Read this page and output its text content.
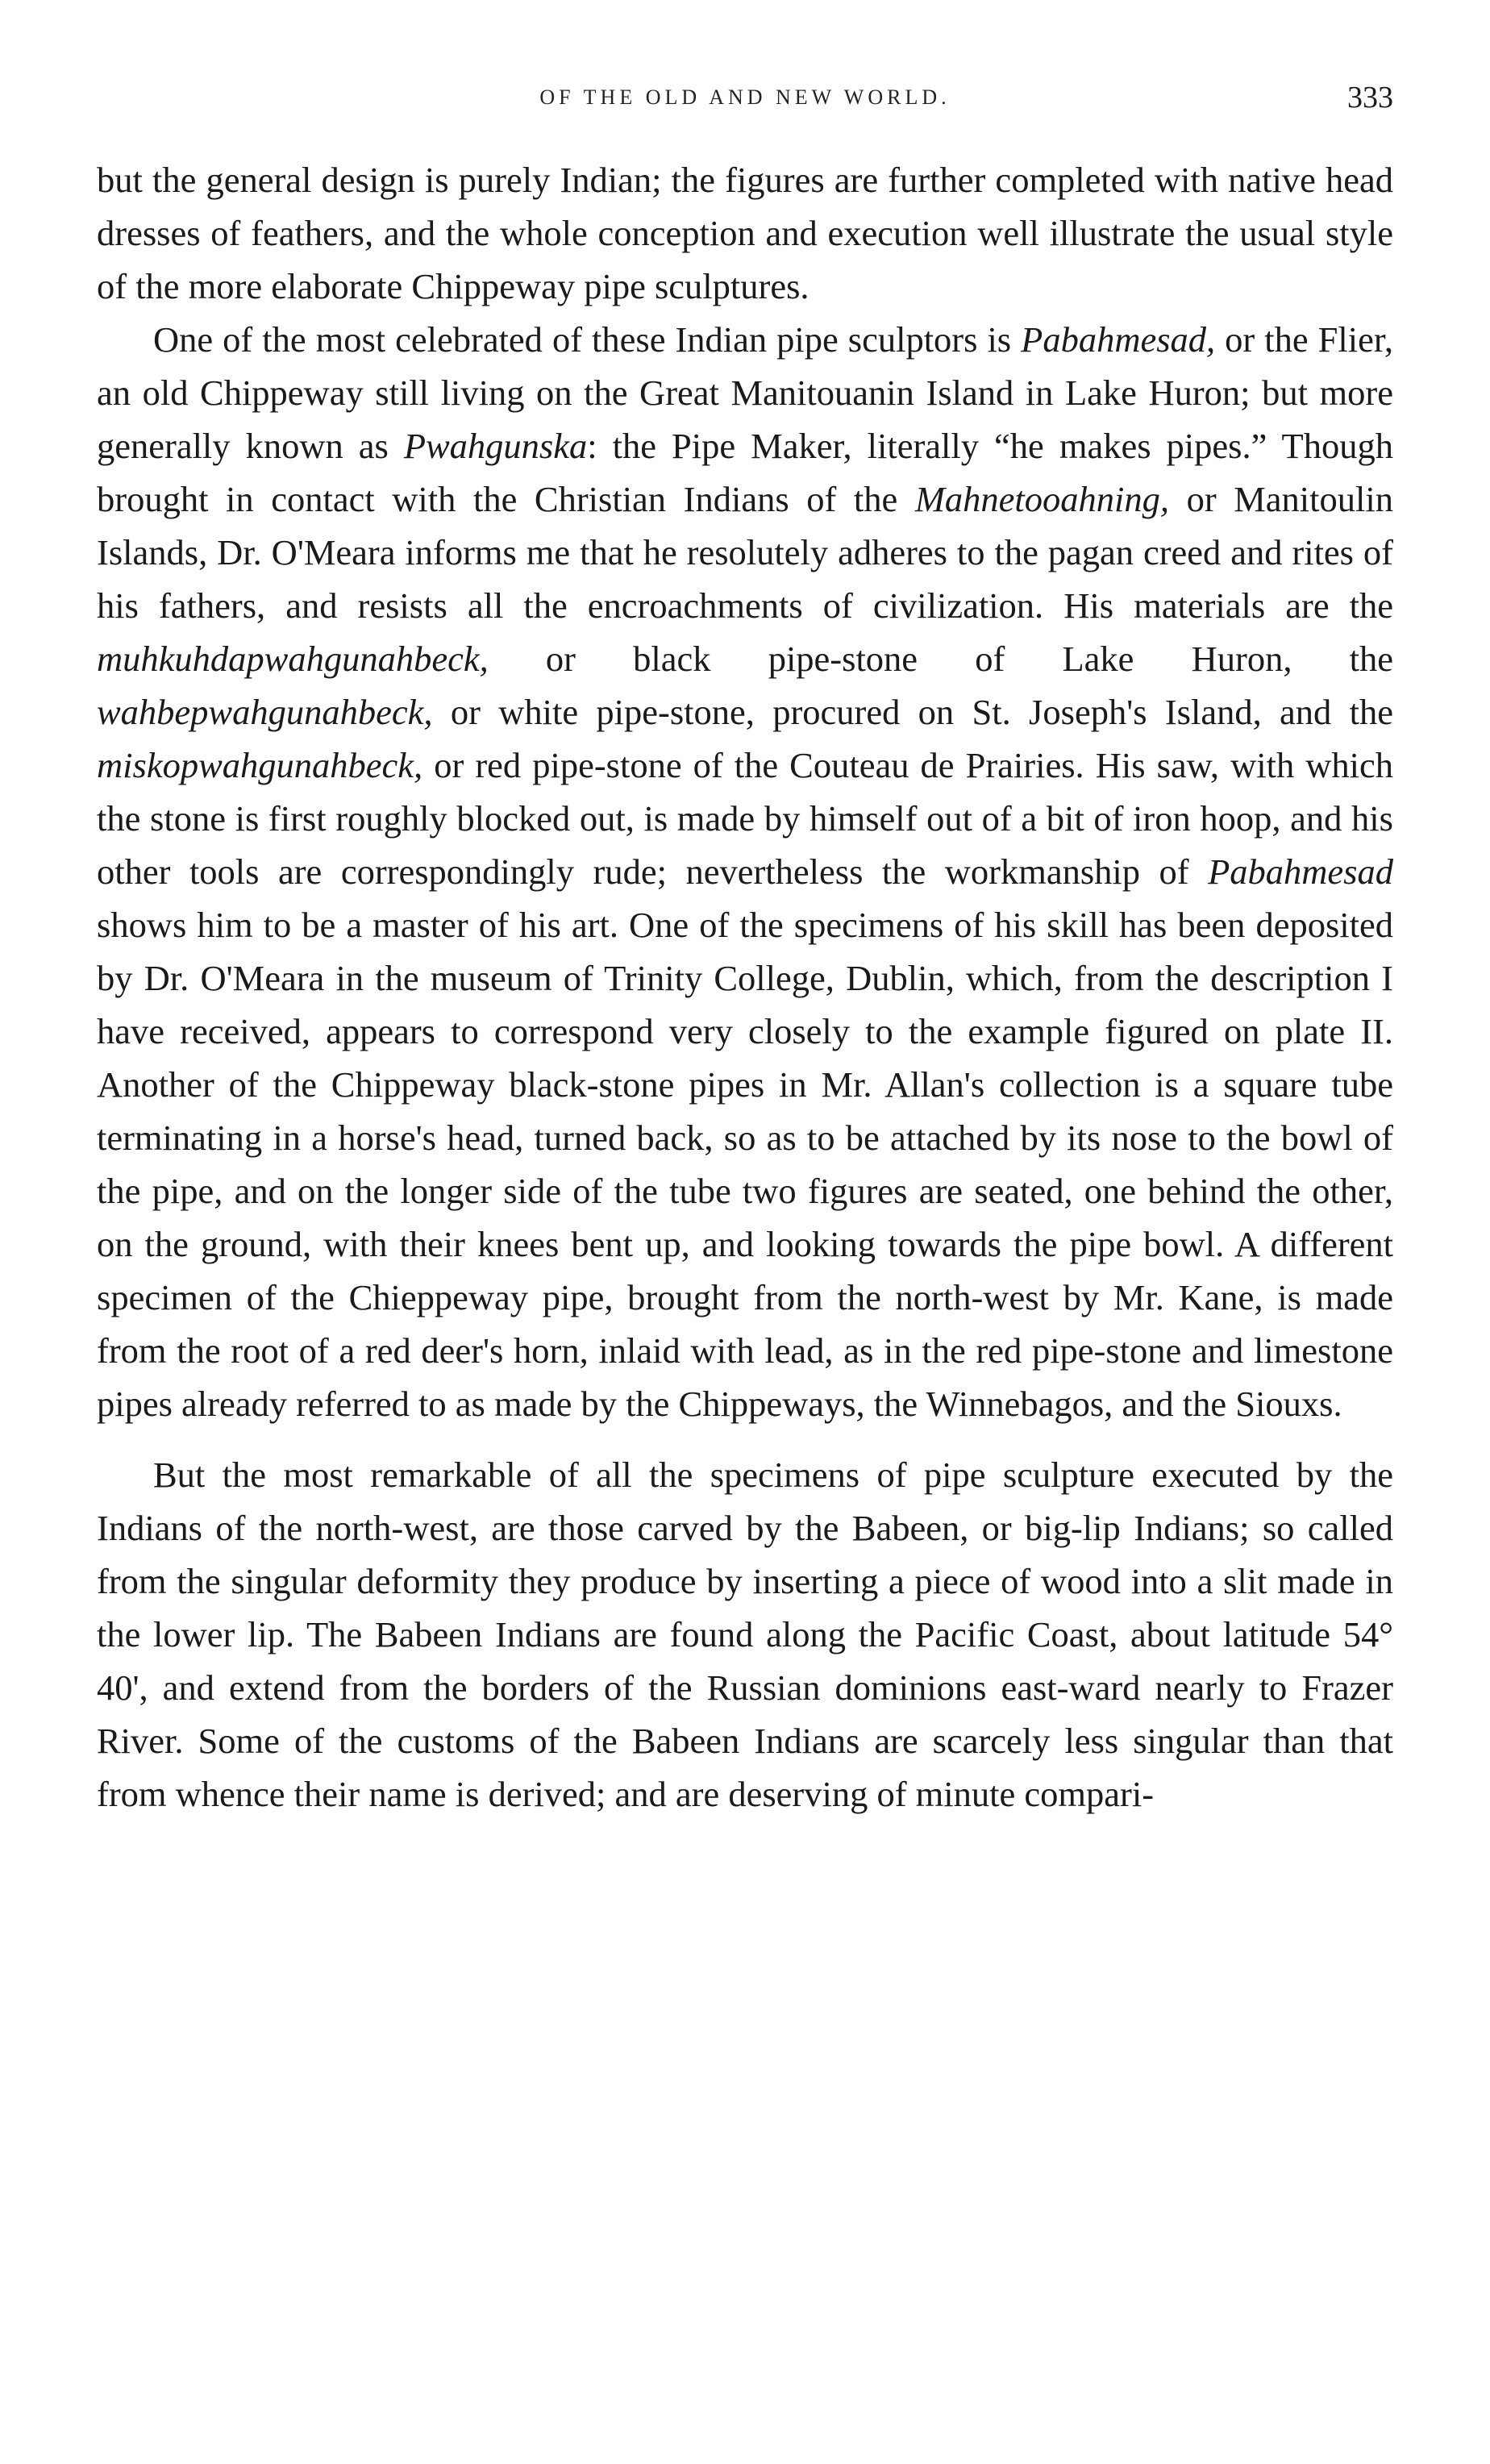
OF THE OLD AND NEW WORLD.	333

but the general design is purely Indian; the figures are further completed with native head dresses of feathers, and the whole conception and execution well illustrate the usual style of the more elaborate Chippeway pipe sculptures.

One of the most celebrated of these Indian pipe sculptors is Pabahmesad, or the Flier, an old Chippeway still living on the Great Manitouanin Island in Lake Huron; but more generally known as Pwahgunska: the Pipe Maker, literally “he makes pipes.” Though brought in contact with the Christian Indians of the Mahnetooahning, or Manitoulin Islands, Dr. O'Meara informs me that he resolutely adheres to the pagan creed and rites of his fathers, and resists all the encroachments of civilization. His materials are the muhkuhdapwahgunahbeck, or black pipe-stone of Lake Huron, the wahbepwahgunahbeck, or white pipe-stone, procured on St. Joseph's Island, and the miskopwahgunahbeck, or red pipe-stone of the Couteau de Prairies. His saw, with which the stone is first roughly blocked out, is made by himself out of a bit of iron hoop, and his other tools are correspondingly rude; nevertheless the workmanship of Pabahmesad shows him to be a master of his art. One of the specimens of his skill has been deposited by Dr. O'Meara in the museum of Trinity College, Dublin, which, from the description I have received, appears to correspond very closely to the example figured on plate II. Another of the Chippeway black-stone pipes in Mr. Allan's collection is a square tube terminating in a horse's head, turned back, so as to be attached by its nose to the bowl of the pipe, and on the longer side of the tube two figures are seated, one behind the other, on the ground, with their knees bent up, and looking towards the pipe bowl. A different specimen of the Chieppeway pipe, brought from the north-west by Mr. Kane, is made from the root of a red deer's horn, inlaid with lead, as in the red pipe-stone and limestone pipes already referred to as made by the Chippeways, the Winnebagos, and the Siouxs.

But the most remarkable of all the specimens of pipe sculpture executed by the Indians of the north-west, are those carved by the Babeen, or big-lip Indians; so called from the singular deformity they produce by inserting a piece of wood into a slit made in the lower lip. The Babeen Indians are found along the Pacific Coast, about latitude 54° 40', and extend from the borders of the Russian dominions east-ward nearly to Frazer River. Some of the customs of the Babeen Indians are scarcely less singular than that from whence their name is derived; and are deserving of minute compari-
